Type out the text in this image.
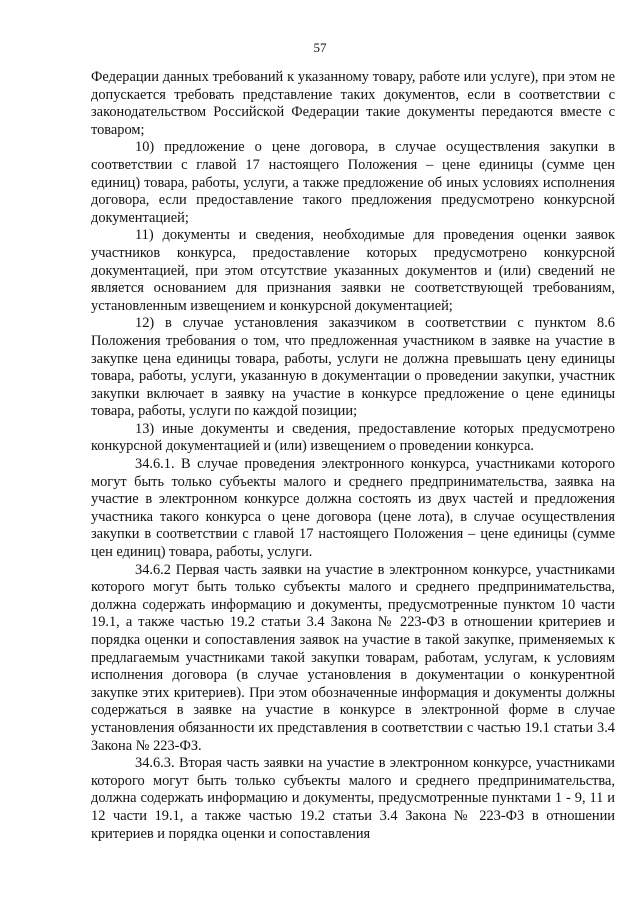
57

Федерации данных требований к указанному товару, работе или услуге), при этом не допускается требовать представление таких документов, если в соответствии с законодательством Российской Федерации такие документы передаются вместе с товаром;

10) предложение о цене договора, в случае осуществления закупки в соответствии с главой 17 настоящего Положения – цене единицы (сумме цен единиц) товара, работы, услуги, а также предложение об иных условиях исполнения договора, если предоставление такого предложения предусмотрено конкурсной документацией;

11) документы и сведения, необходимые для проведения оценки заявок участников конкурса, предоставление которых предусмотрено конкурсной документацией, при этом отсутствие указанных документов и (или) сведений не является основанием для признания заявки не соответствующей требованиям, установленным извещением и конкурсной документацией;

12) в случае установления заказчиком в соответствии с пунктом 8.6 Положения требования о том, что предложенная участником в заявке на участие в закупке цена единицы товара, работы, услуги не должна превышать цену единицы товара, работы, услуги, указанную в документации о проведении закупки, участник закупки включает в заявку на участие в конкурсе предложение о цене единицы товара, работы, услуги по каждой позиции;

13) иные документы и сведения, предоставление которых предусмотрено конкурсной документацией и (или) извещением о проведении конкурса.

34.6.1. В случае проведения электронного конкурса, участниками которого могут быть только субъекты малого и среднего предпринимательства, заявка на участие в электронном конкурсе должна состоять из двух частей и предложения участника такого конкурса о цене договора (цене лота), в случае осуществления закупки в соответствии с главой 17 настоящего Положения – цене единицы (сумме цен единиц) товара, работы, услуги.

34.6.2 Первая часть заявки на участие в электронном конкурсе, участниками которого могут быть только субъекты малого и среднего предпринимательства, должна содержать информацию и документы, предусмотренные пунктом 10 части 19.1, а также частью 19.2 статьи 3.4 Закона № 223-ФЗ в отношении критериев и порядка оценки и сопоставления заявок на участие в такой закупке, применяемых к предлагаемым участниками такой закупки товарам, работам, услугам, к условиям исполнения договора (в случае установления в документации о конкурентной закупке этих критериев). При этом обозначенные информация и документы должны содержаться в заявке на участие в конкурсе в электронной форме в случае установления обязанности их представления в соответствии с частью 19.1 статьи 3.4 Закона № 223-ФЗ.

34.6.3. Вторая часть заявки на участие в электронном конкурсе, участниками которого могут быть только субъекты малого и среднего предпринимательства, должна содержать информацию и документы, предусмотренные пунктами 1 - 9, 11 и 12 части 19.1, а также частью 19.2 статьи 3.4 Закона № 223-ФЗ в отношении критериев и порядка оценки и сопоставления
